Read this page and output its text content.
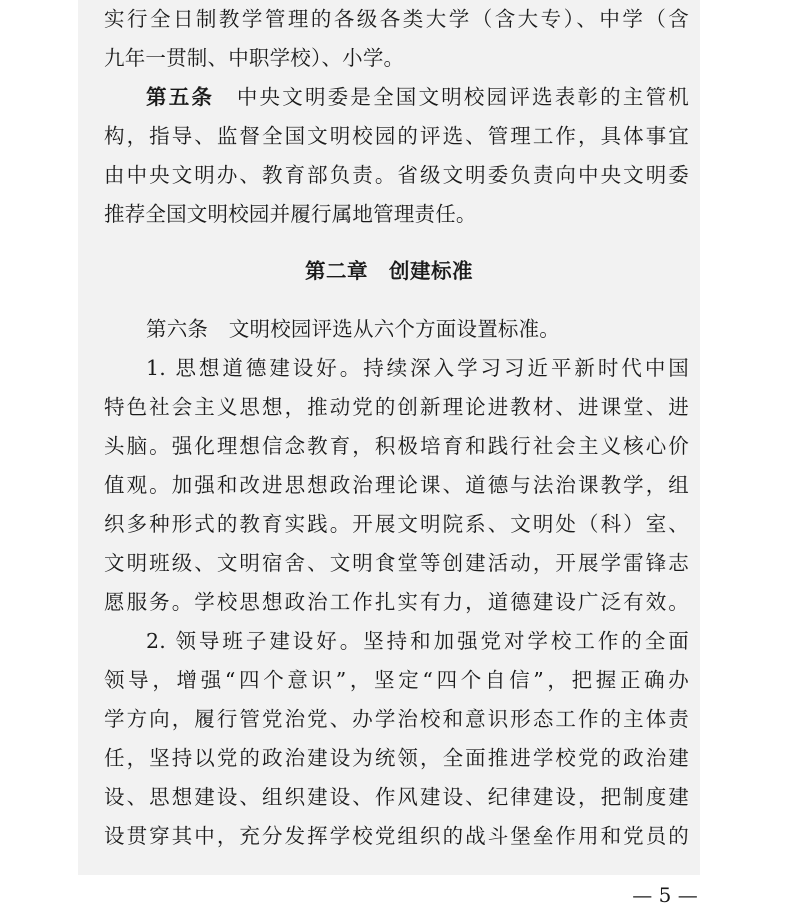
实行全日制教学管理的各级各类大学（含大专）、中学（含
九年一贯制、中职学校）、小学。
第五条　 中央文明委是全国文明校园评选表彰的主管机
构，指导、监督全国文明校园的评选、管理工作，具体事宜
由中央文明办、教育部负责。省级文明委负责向中央文明委
推荐全国文明校园并履行属地管理责任。
第二章　创建标准
第六条　文明校园评选从六个方面设置标准。
1. 思想道德建设好。持续深入学习习近平新时代中国
特色社会主义思想，推动党的创新理论进教材、进课堂、进
头脑。强化理想信念教育，积极培育和践行社会主义核心价
值观。加强和改进思想政治理论课、道德与法治课教学，组
织多种形式的教育实践。开展文明院系、文明处（科）室、
文明班级、文明宿舍、文明食堂等创建活动，开展学雷锋志
愿服务。学校思想政治工作扎实有力，道德建设广泛有效。
2. 领导班子建设好。坚持和加强党对学校工作的全面
领导，增强“四个意识”，坚定“四个自信”，把握正确办
学方向，履行管党治党、办学治校和意识形态工作的主体责
任，坚持以党的政治建设为统领，全面推进学校党的政治建
设、思想建设、组织建设、作风建设、纪律建设，把制度建
设贯穿其中，充分发挥学校党组织的战斗堡垒作用和党员的
— 5 —
